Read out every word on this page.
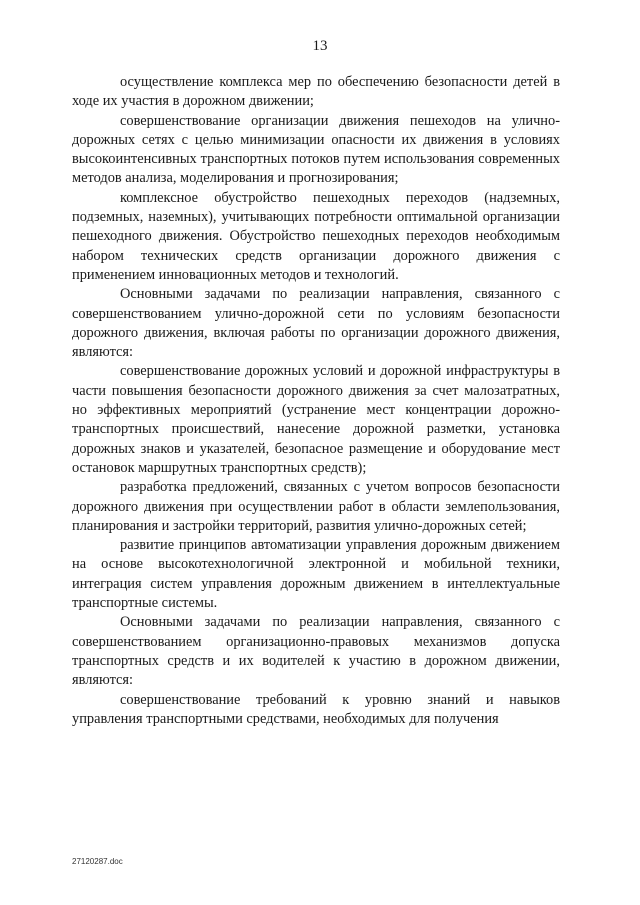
13

осуществление комплекса мер по обеспечению безопасности детей в ходе их участия в дорожном движении;

совершенствование организации движения пешеходов на улично-дорожных сетях с целью минимизации опасности их движения в условиях высокоинтенсивных транспортных потоков путем использования современных методов анализа, моделирования и прогнозирования;

комплексное обустройство пешеходных переходов (надземных, подземных, наземных), учитывающих потребности оптимальной организации пешеходного движения. Обустройство пешеходных переходов необходимым набором технических средств организации дорожного движения с применением инновационных методов и технологий.

Основными задачами по реализации направления, связанного с совершенствованием улично-дорожной сети по условиям безопасности дорожного движения, включая работы по организации дорожного движения, являются:

совершенствование дорожных условий и дорожной инфраструктуры в части повышения безопасности дорожного движения за счет малозатратных, но эффективных мероприятий (устранение мест концентрации дорожно-транспортных происшествий, нанесение дорожной разметки, установка дорожных знаков и указателей, безопасное размещение и оборудование мест остановок маршрутных транспортных средств);

разработка предложений, связанных с учетом вопросов безопасности дорожного движения при осуществлении работ в области землепользования, планирования и застройки территорий, развития улично-дорожных сетей;

развитие принципов автоматизации управления дорожным движением на основе высокотехнологичной электронной и мобильной техники, интеграция систем управления дорожным движением в интеллектуальные транспортные системы.

Основными задачами по реализации направления, связанного с совершенствованием организационно-правовых механизмов допуска транспортных средств и их водителей к участию в дорожном движении, являются:

совершенствование требований к уровню знаний и навыков управления транспортными средствами, необходимых для получения

27120287.doc
